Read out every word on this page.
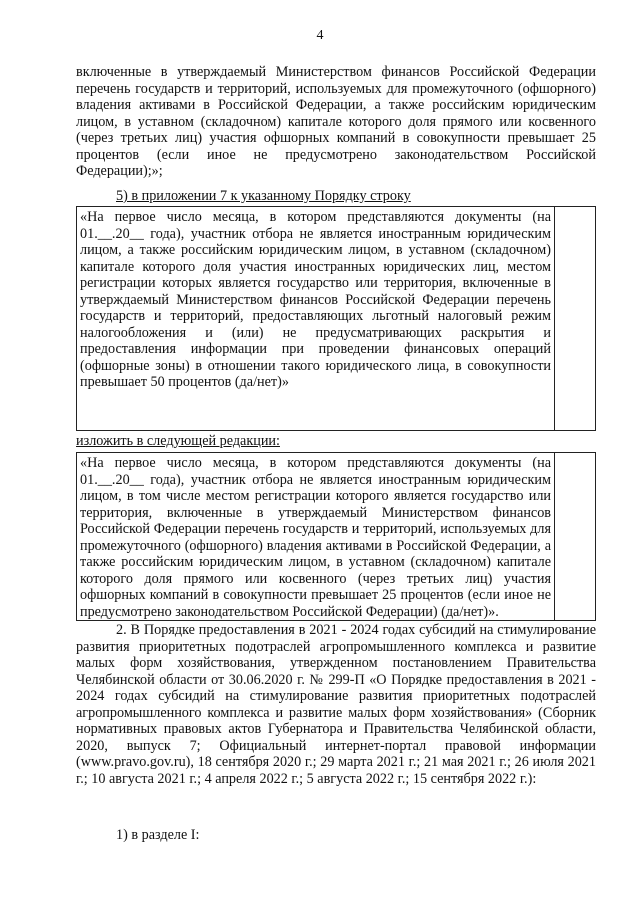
4
включенные в утверждаемый Министерством финансов Российской Федерации перечень государств и территорий, используемых для промежуточного (офшорного) владения активами в Российской Федерации, а также российским юридическим лицом, в уставном (складочном) капитале которого доля прямого или косвенного (через третьих лиц) участия офшорных компаний в совокупности превышает 25 процентов (если иное не предусмотрено законодательством Российской Федерации);»;
5) в приложении 7 к указанному Порядку строку
«На первое число месяца, в котором представляются документы (на 01.__.20__ года), участник отбора не является иностранным юридическим лицом, а также российским юридическим лицом, в уставном (складочном) капитале которого доля участия иностранных юридических лиц, местом регистрации которых является государство или территория, включенные в утверждаемый Министерством финансов Российской Федерации перечень государств и территорий, предоставляющих льготный налоговый режим налогообложения и (или) не предусматривающих раскрытия и предоставления информации при проведении финансовых операций (офшорные зоны) в отношении такого юридического лица, в совокупности превышает 50 процентов (да/нет)»
изложить в следующей редакции:
«На первое число месяца, в котором представляются документы (на 01.__.20__ года), участник отбора не является иностранным юридическим лицом, в том числе местом регистрации которого является государство или территория, включенные в утверждаемый Министерством финансов Российской Федерации перечень государств и территорий, используемых для промежуточного (офшорного) владения активами в Российской Федерации, а также российским юридическим лицом, в уставном (складочном) капитале которого доля прямого или косвенного (через третьих лиц) участия офшорных компаний в совокупности превышает 25 процентов (если иное не предусмотрено законодательством Российской Федерации) (да/нет)».
2. В Порядке предоставления в 2021 - 2024 годах субсидий на стимулирование развития приоритетных подотраслей агропромышленного комплекса и развитие малых форм хозяйствования, утвержденном постановлением Правительства Челябинской области от 30.06.2020 г. № 299-П «О Порядке предоставления в 2021 - 2024 годах субсидий на стимулирование развития приоритетных подотраслей агропромышленного комплекса и развитие малых форм хозяйствования» (Сборник нормативных правовых актов Губернатора и Правительства Челябинской области, 2020, выпуск 7; Официальный интернет-портал правовой информации (www.pravo.gov.ru), 18 сентября 2020 г.; 29 марта 2021 г.; 21 мая 2021 г.; 26 июля 2021 г.; 10 августа 2021 г.; 4 апреля 2022 г.; 5 августа 2022 г.; 15 сентября 2022 г.):
1) в разделе I:
